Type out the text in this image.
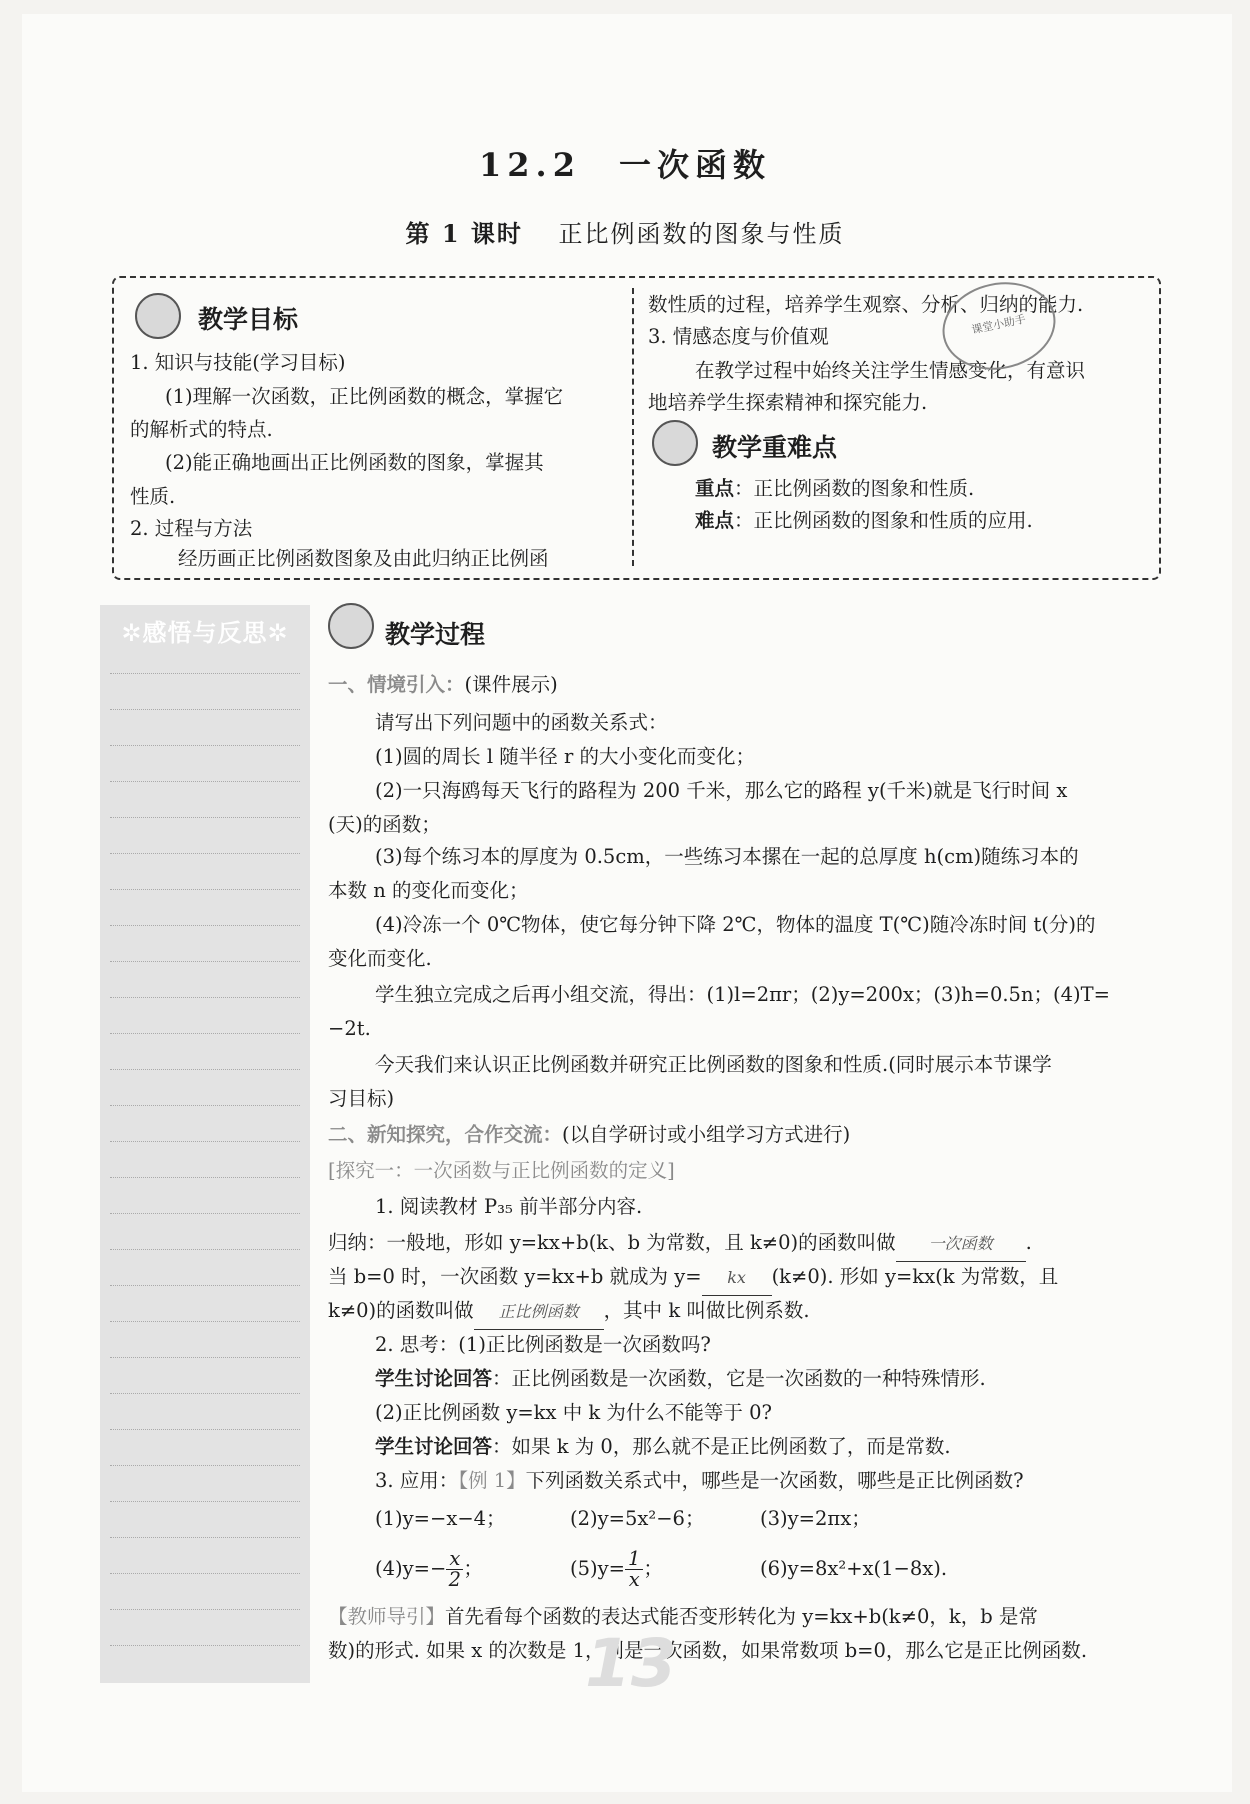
12.2　一次函数
第 1 课时　 正比例函数的图象与性质
教学目标
1. 知识与技能(学习目标)
(1)理解一次函数，正比例函数的概念，掌握它
的解析式的特点.
(2)能正确地画出正比例函数的图象，掌握其
性质.
2. 过程与方法
经历画正比例函数图象及由此归纳正比例函
数性质的过程，培养学生观察、分析、归纳的能力.
3. 情感态度与价值观
在教学过程中始终关注学生情感变化，有意识
地培养学生探索精神和探究能力.
课堂小助手
教学重难点
重点：正比例函数的图象和性质.
难点：正比例函数的图象和性质的应用.
✲感悟与反思✲	教学过程
一、情境引入：(课件展示)
请写出下列问题中的函数关系式：
(1)圆的周长 l 随半径 r 的大小变化而变化；
(2)一只海鸥每天飞行的路程为 200 千米，那么它的路程 y(千米)就是飞行时间 x
(天)的函数；
(3)每个练习本的厚度为 0.5cm，一些练习本摞在一起的总厚度 h(cm)随练习本的
本数 n 的变化而变化；
(4)冷冻一个 0℃物体，使它每分钟下降 2℃，物体的温度 T(℃)随冷冻时间 t(分)的
变化而变化.
学生独立完成之后再小组交流，得出：(1)l=2πr；(2)y=200x；(3)h=0.5n；(4)T=
−2t.
今天我们来认识正比例函数并研究正比例函数的图象和性质.(同时展示本节课学
习目标)
二、新知探究，合作交流：(以自学研讨或小组学习方式进行)
[探究一：一次函数与正比例函数的定义]
1. 阅读教材 P₃₅ 前半部分内容.
归纳：一般地，形如 y=kx+b(k、b 为常数，且 k≠0)的函数叫做 一次函数 .
当 b=0 时，一次函数 y=kx+b 就成为 y= kx (k≠0). 形如 y=kx(k 为常数，且
k≠0)的函数叫做 正比例函数 ，其中 k 叫做比例系数.
2. 思考：(1)正比例函数是一次函数吗?
学生讨论回答：正比例函数是一次函数，它是一次函数的一种特殊情形.
(2)正比例函数 y=kx 中 k 为什么不能等于 0?
学生讨论回答：如果 k 为 0，那么就不是正比例函数了，而是常数.
3. 应用：【例 1】下列函数关系式中，哪些是一次函数，哪些是正比例函数?
(1)y=−x−4；	(2)y=5x²−6；	(3)y=2πx；
$(4)y=- \frac{x}{2}$ ；	$(5)y= \frac{1}{x}$ ；	(6)y=8x²+x(1−8x).
【教师导引】首先看每个函数的表达式能否变形转化为 y=kx+b(k≠0，k，b 是常
数)的形式. 如果 x 的次数是 1，则是一次函数，如果常数项 b=0，那么它是正比例函数.
13
